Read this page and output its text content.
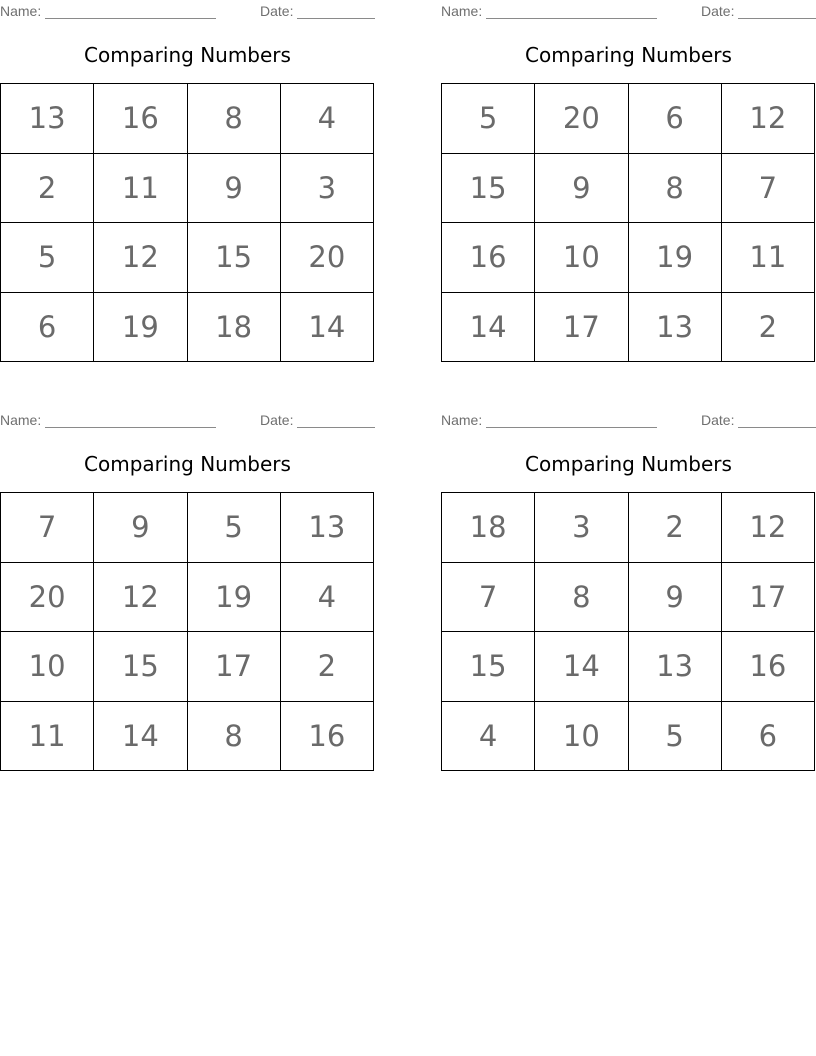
Name:	Date:
Comparing Numbers
13	16	8	4
2	11	9	3
5	12	15	20
6	19	18	14
Name:	Date:
Comparing Numbers
5	20	6	12
15	9	8	7
16	10	19	11
14	17	13	2
Name:	Date:
Comparing Numbers
7	9	5	13
20	12	19	4
10	15	17	2
11	14	8	16
Name:	Date:
Comparing Numbers
18	3	2	12
7	8	9	17
15	14	13	16
4	10	5	6
